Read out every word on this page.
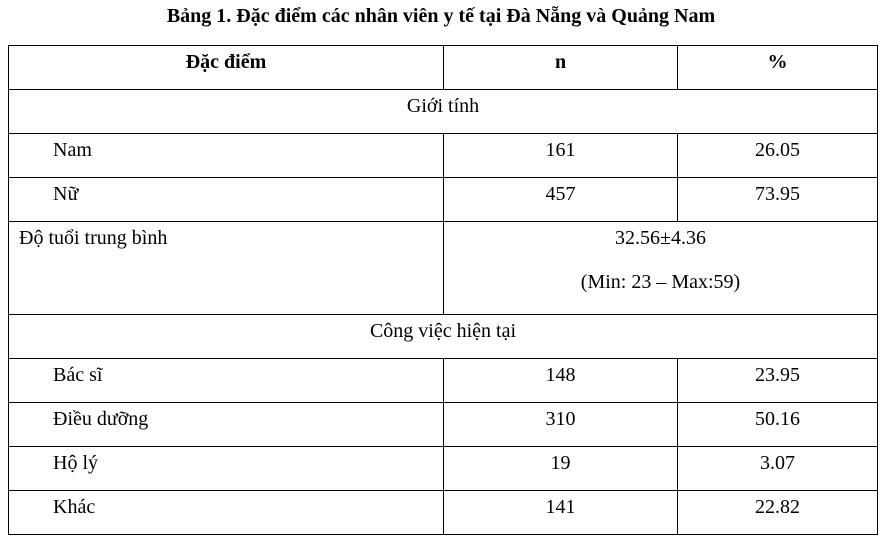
Bảng 1. Đặc điểm các nhân viên y tế tại Đà Nẵng và Quảng Nam
Đặc điểm	n	%
Giới tính		
Nam	161	26.05
Nữ	457	73.95
Độ tuổi trung bình	32.56±4.36
(Min: 23 – Max:59)	

Công việc hiện tại		
Bác sĩ	148	23.95
Điều dưỡng	310	50.16
Hộ lý	19	3.07
Khác	141	22.82
